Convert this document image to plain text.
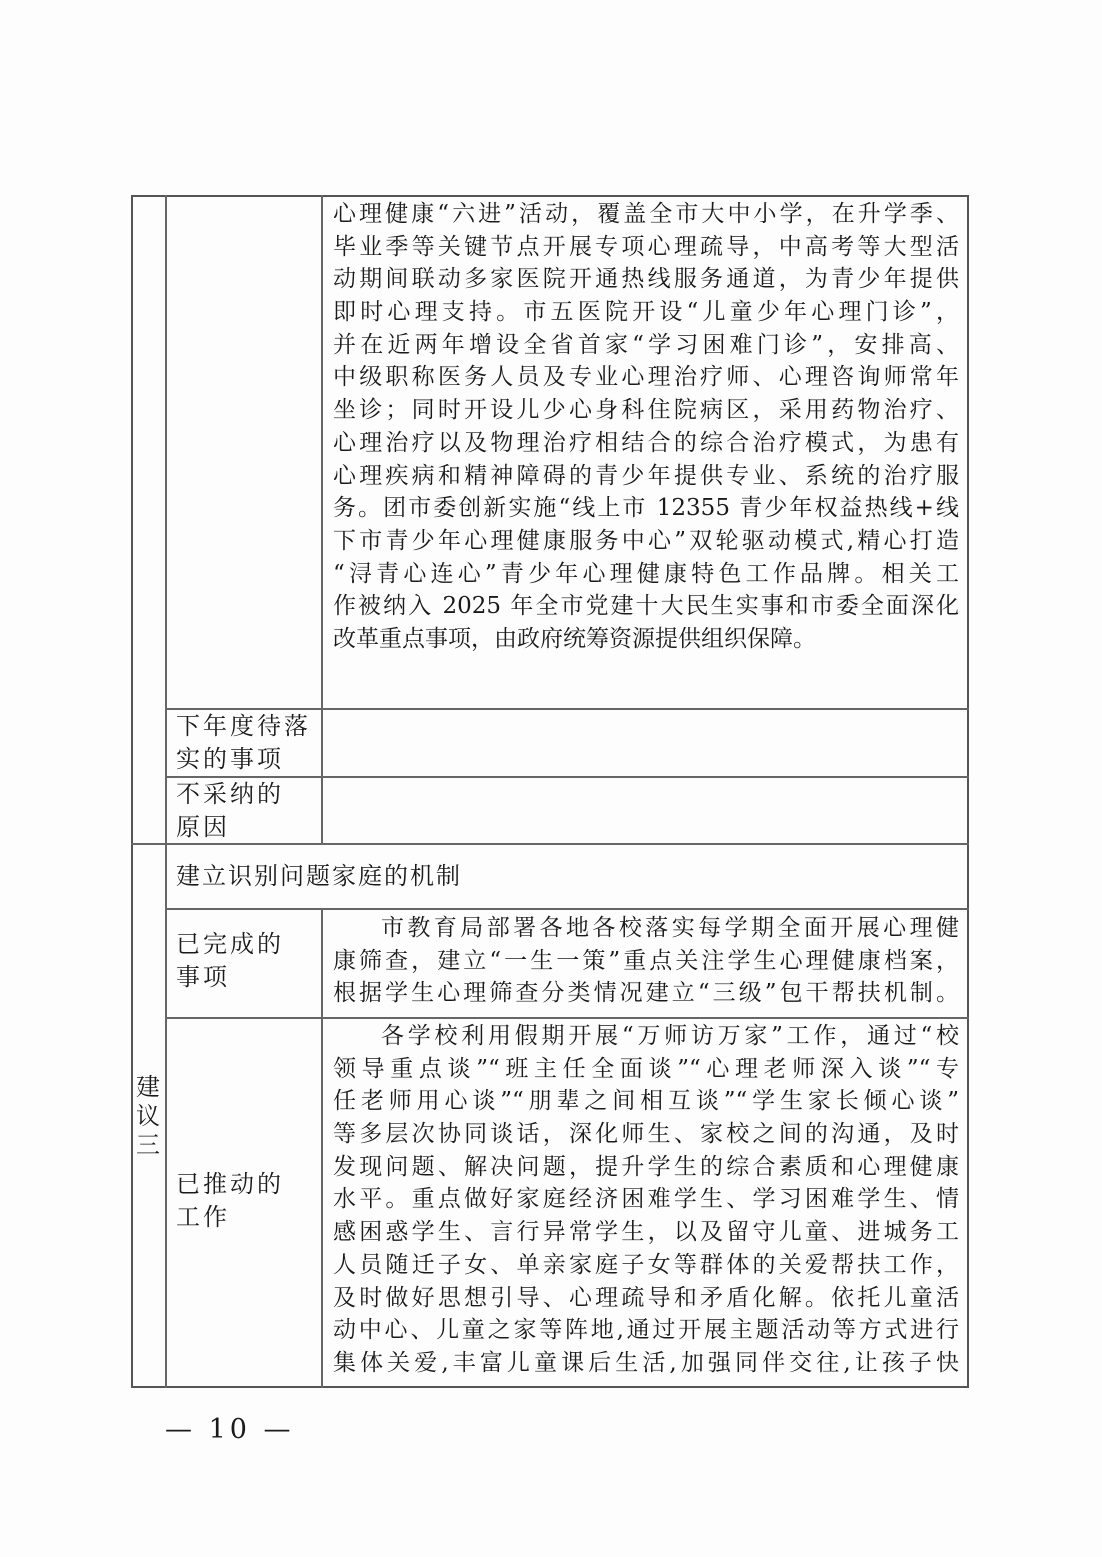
心理健康“六进”活动，覆盖全市大中小学，在升学季、
毕业季等关键节点开展专项心理疏导，中高考等大型活
动期间联动多家医院开通热线服务通道，为青少年提供
即时心理支持。市五医院开设“儿童少年心理门诊”，
并在近两年增设全省首家“学习困难门诊”，安排高、
中级职称医务人员及专业心理治疗师、心理咨询师常年
坐诊；同时开设儿少心身科住院病区，采用药物治疗、
心理治疗以及物理治疗相结合的综合治疗模式，为患有
心理疾病和精神障碍的青少年提供专业、系统的治疗服
务。团市委创新实施“线上市 12355 青少年权益热线+线
下市青少年心理健康服务中心”双轮驱动模式,精心打造
“浔青心连心”青少年心理健康特色工作品牌。相关工
作被纳入 2025 年全市党建十大民生实事和市委全面深化
改革重点事项，由政府统筹资源提供组织保障。
下年度待落
实的事项
不采纳的
原因
建
议
三
建立识别问题家庭的机制
已完成的
事项
市教育局部署各地各校落实每学期全面开展心理健
康筛查，建立“一生一策”重点关注学生心理健康档案，
根据学生心理筛查分类情况建立“三级”包干帮扶机制。
已推动的
工作
各学校利用假期开展“万师访万家”工作，通过“校
领导重点谈”“班主任全面谈”“心理老师深入谈”“专
任老师用心谈”“朋辈之间相互谈”“学生家长倾心谈”
等多层次协同谈话，深化师生、家校之间的沟通，及时
发现问题、解决问题，提升学生的综合素质和心理健康
水平。重点做好家庭经济困难学生、学习困难学生、情
感困惑学生、言行异常学生，以及留守儿童、进城务工
人员随迁子女、单亲家庭子女等群体的关爱帮扶工作，
及时做好思想引导、心理疏导和矛盾化解。依托儿童活
动中心、儿童之家等阵地,通过开展主题活动等方式进行
集体关爱,丰富儿童课后生活,加强同伴交往,让孩子快
— 10 —
